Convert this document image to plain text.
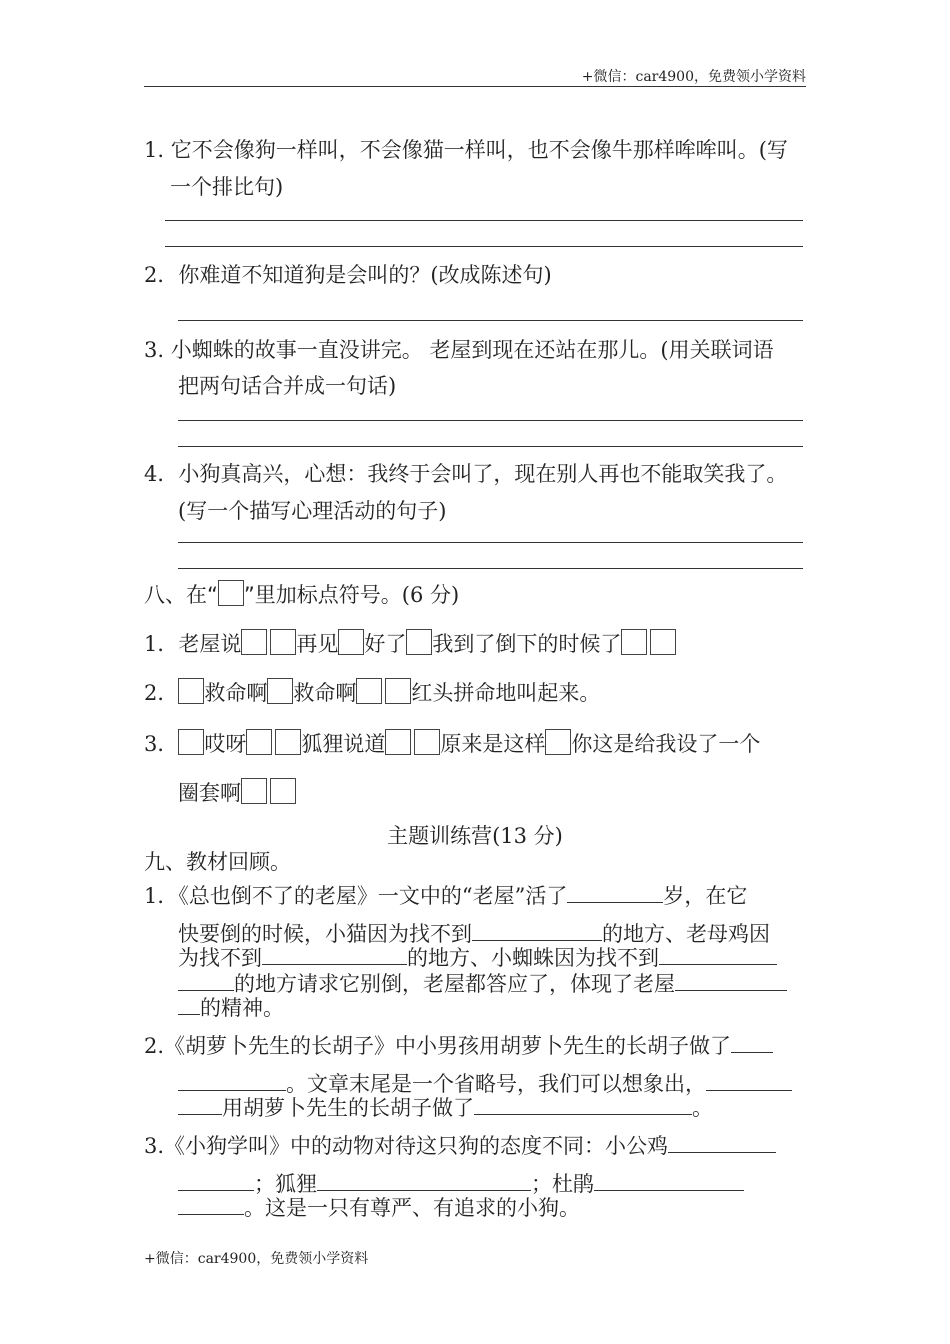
+微信：car4900，免费领小学资料
1. 它不会像狗一样叫，不会像猫一样叫，也不会像牛那样哞哞叫。(写
一个排比句)
2．你难道不知道狗是会叫的？(改成陈述句)
3. 小蜘蛛的故事一直没讲完。 老屋到现在还站在那儿。(用关联词语
把两句话合并成一句话)
4．小狗真高兴，心想：我终于会叫了，现在别人再也不能取笑我了。
(写一个描写心理活动的句子)
八、在“ ”里加标点符号。(6 分)
1．老屋说	再见 好了 我到了倒下的时候了
2． 救命啊 救命啊	红头拼命地叫起来。
3． 哎呀	狐狸说道	原来是这样 你这是给我设了一个
圈套啊
主题训练营(13 分)
九、教材回顾。
1．《总也倒不了的老屋》一文中的“老屋”活了	岁，在它
快要倒的时候，小猫因为找不到	的地方、老母鸡因
为找不到	的地方、小蜘蛛因为找不到
的地方请求它别倒，老屋都答应了，体现了老屋
的精神。
2.《胡萝卜先生的长胡子》中小男孩用胡萝卜先生的长胡子做了
。文章末尾是一个省略号，我们可以想象出，
用胡萝卜先生的长胡子做了	。
3.《小狗学叫》中的动物对待这只狗的态度不同：小公鸡
；狐狸	；杜鹃
。这是一只有尊严、有追求的小狗。
+微信：car4900，免费领小学资料
